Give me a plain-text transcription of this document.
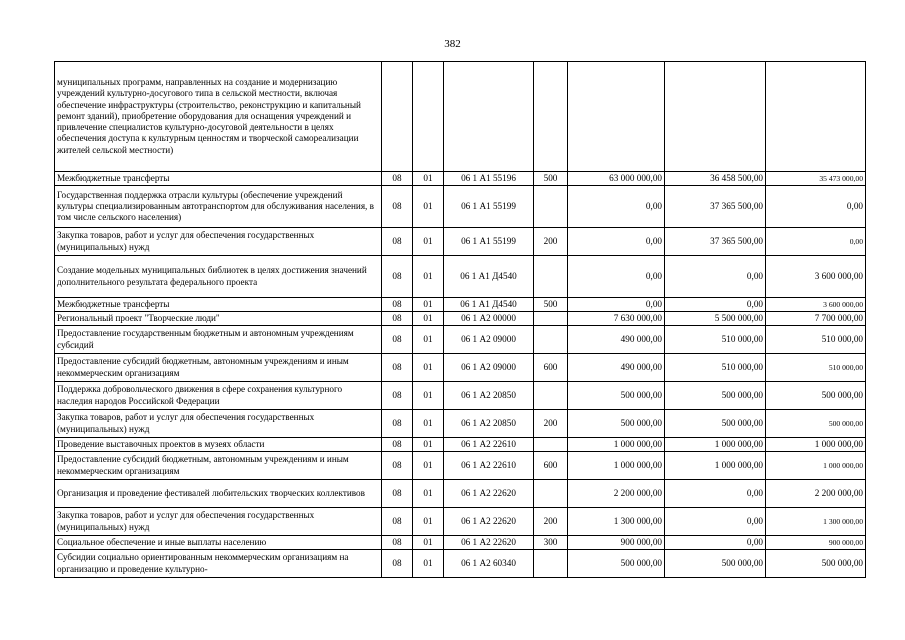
382
муниципальных программ, направленных на создание и модернизацию учреждений культурно-досугового типа в сельской местности, включая обеспечение инфраструктуры (строительство, реконструкцию и капитальный ремонт зданий), приобретение оборудования для оснащения учреждений и привлечение специалистов культурно-досуговой деятельности в целях обеспечения доступа к культурным ценностям и творческой самореализации жителей сельской местности)							
Межбюджетные трансферты	08	01	06 1 А1 55196	500	63 000 000,00	36 458 500,00	35 473 000,00
Государственная поддержка отрасли культуры (обеспечение учреждений культуры специализированным автотранспортом для обслуживания населения, в том числе сельского населения)	08	01	06 1 А1 55199		0,00	37 365 500,00	0,00
Закупка товаров, работ и услуг для обеспечения государственных (муниципальных) нужд	08	01	06 1 А1 55199	200	0,00	37 365 500,00	0,00
Создание модельных муниципальных библиотек в целях достижения значений дополнительного результата федерального проекта	08	01	06 1 А1 Д4540		0,00	0,00	3 600 000,00
Межбюджетные трансферты	08	01	06 1 А1 Д4540	500	0,00	0,00	3 600 000,00
Региональный проект "Творческие люди"	08	01	06 1 А2 00000		7 630 000,00	5 500 000,00	7 700 000,00
Предоставление государственным бюджетным и автономным учреждениям субсидий	08	01	06 1 А2 09000		490 000,00	510 000,00	510 000,00
Предоставление субсидий бюджетным, автономным учреждениям и иным некоммерческим организациям	08	01	06 1 А2 09000	600	490 000,00	510 000,00	510 000,00
Поддержка добровольческого движения в сфере сохранения культурного наследия народов Российской Федерации	08	01	06 1 А2 20850		500 000,00	500 000,00	500 000,00
Закупка товаров, работ и услуг для обеспечения государственных (муниципальных) нужд	08	01	06 1 А2 20850	200	500 000,00	500 000,00	500 000,00
Проведение выставочных проектов в музеях области	08	01	06 1 А2 22610		1 000 000,00	1 000 000,00	1 000 000,00
Предоставление субсидий бюджетным, автономным учреждениям и иным некоммерческим организациям	08	01	06 1 А2 22610	600	1 000 000,00	1 000 000,00	1 000 000,00
Организация и проведение фестивалей любительских творческих коллективов	08	01	06 1 А2 22620		2 200 000,00	0,00	2 200 000,00
Закупка товаров, работ и услуг для обеспечения государственных (муниципальных) нужд	08	01	06 1 А2 22620	200	1 300 000,00	0,00	1 300 000,00
Социальное обеспечение и иные выплаты населению	08	01	06 1 А2 22620	300	900 000,00	0,00	900 000,00
Субсидии социально ориентированным некоммерческим организациям на организацию и проведение культурно-	08	01	06 1 А2 60340		500 000,00	500 000,00	500 000,00
